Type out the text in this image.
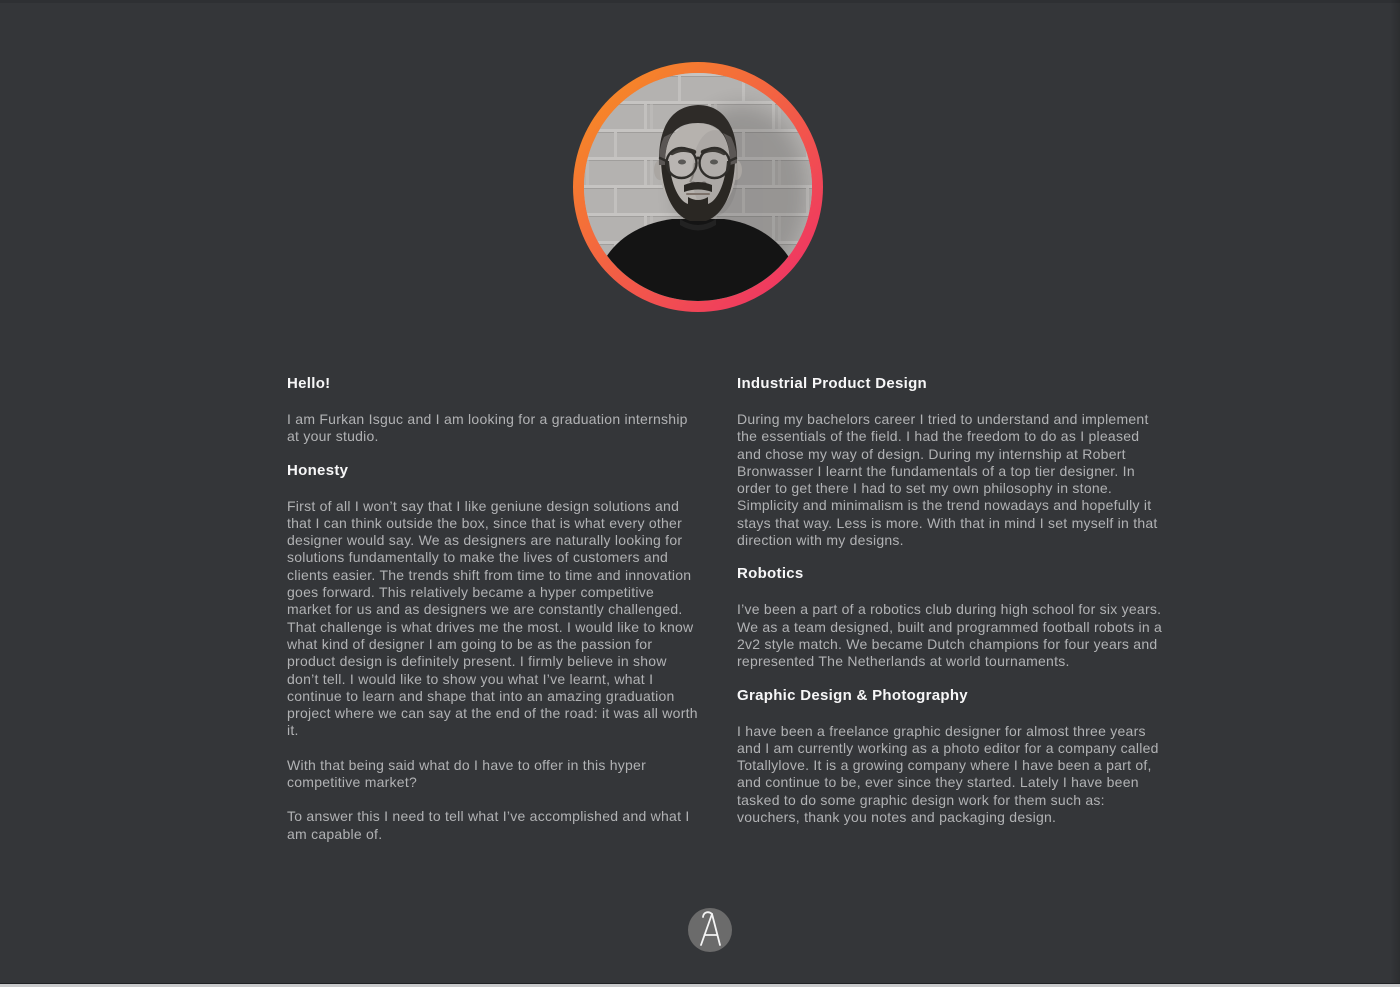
Hello!

I am Furkan Isguc and I am looking for a graduation internship at your studio.

Honesty

First of all I won’t say that I like geniune design solutions and that I can think outside the box, since that is what every other designer would say. We as designers are naturally looking for solutions fundamentally to make the lives of customers and clients easier. The trends shift from time to time and innovation goes forward. This relatively became a hyper competitive market for us and as designers we are constantly challenged. That challenge is what drives me the most. I would like to know what kind of designer I am going to be as the passion for product design is definitely present. I firmly believe in show don’t tell. I would like to show you what I’ve learnt, what I continue to learn and shape that into an amazing graduation project where we can say at the end of the road: it was all worth it.

With that being said what do I have to offer in this hyper competitive market?

To answer this I need to tell what I’ve accomplished and what I am capable of.

Industrial Product Design

During my bachelors career I tried to understand and implement the essentials of the field. I had the freedom to do as I pleased and chose my way of design. During my internship at Robert Bronwasser I learnt the fundamentals of a top tier designer. In order to get there I had to set my own philosophy in stone. Simplicity and minimalism is the trend nowadays and hopefully it stays that way. Less is more. With that in mind I set myself in that direction with my designs.

Robotics

I’ve been a part of a robotics club during high school for six years. We as a team designed, built and programmed football robots in a 2v2 style match. We became Dutch champions for four years and represented The Netherlands at world tournaments.

Graphic Design & Photography

I have been a freelance graphic designer for almost three years and I am currently working as a photo editor for a company called Totallylove. It is a growing company where I have been a part of, and continue to be, ever since they started. Lately I have been tasked to do some graphic design work for them such as: vouchers, thank you notes and packaging design.
